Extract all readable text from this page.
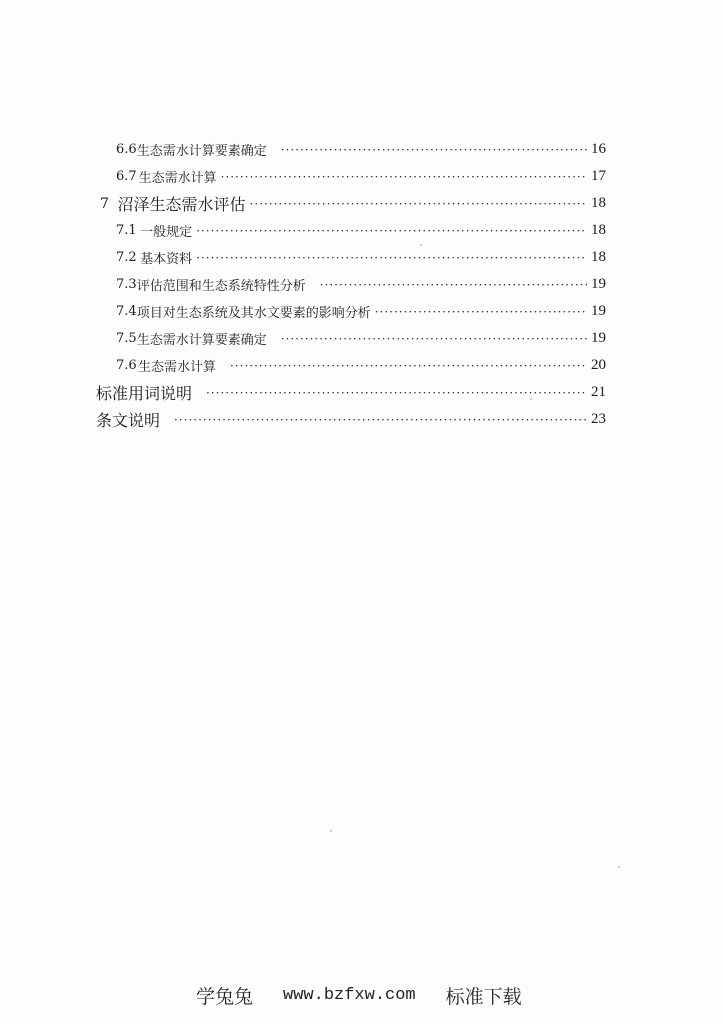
6.6 生态需水计算要素确定 ·····	16
6.7 生态需水计算 ·····	17
7 沼泽生态需水评估 ·····	18
7.1 一般规定 ·····	18
7.2 基本资料 ·····	18
7.3 评估范围和生态系统特性分析 ·····	19
7.4 项目对生态系统及其水文要素的影响分析 ·····	19
7.5 生态需水计算要素确定 ·····	19
7.6 生态需水计算 ·····	20
标准用词说明 ·····	21
条文说明 ·····	23
学兔兔 www.bzfxw.com 标准下载
